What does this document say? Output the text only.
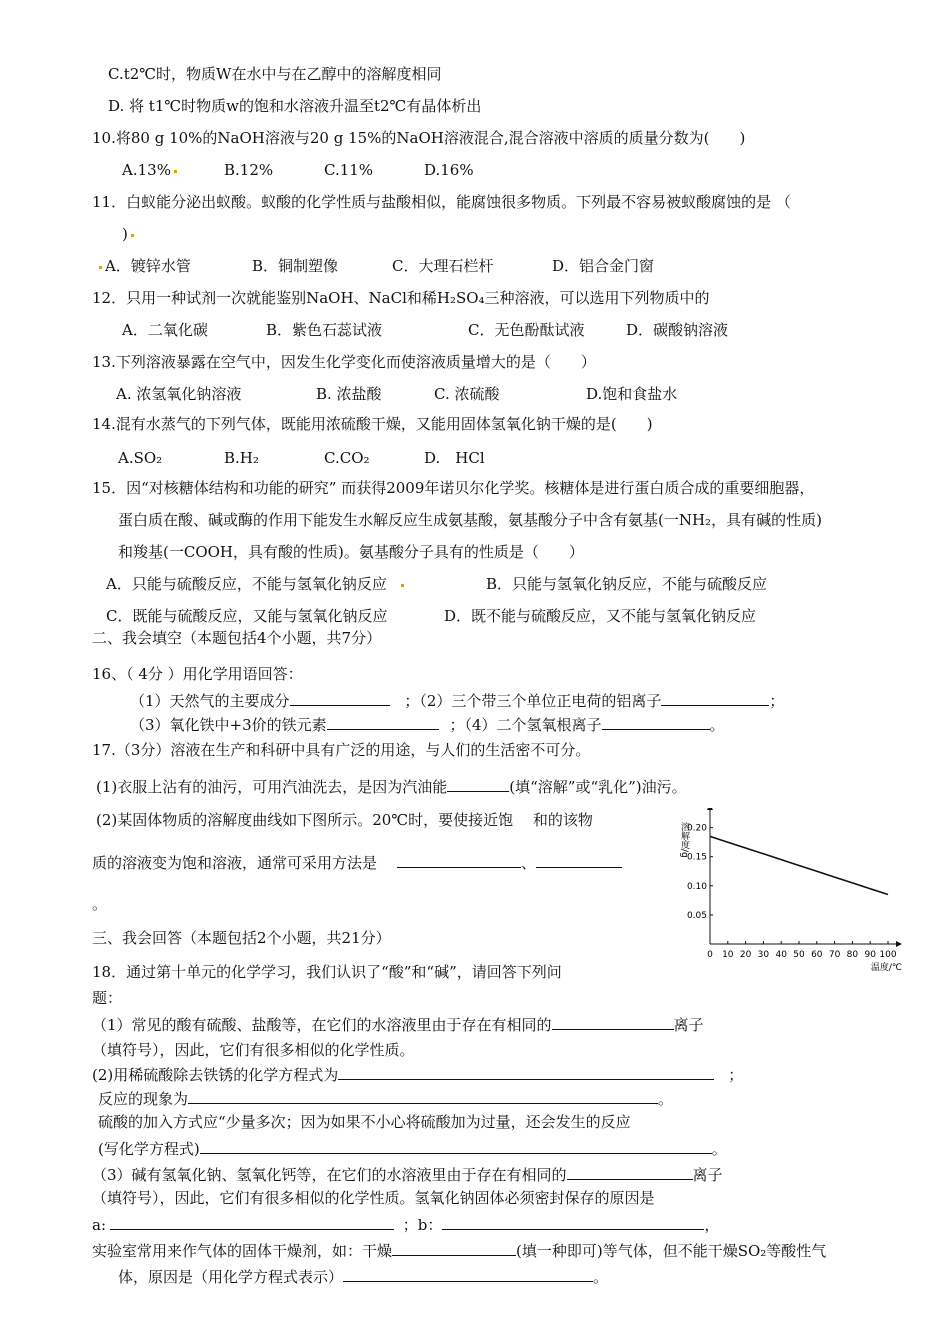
C.t2℃时，物质W在水中与在乙醇中的溶解度相同
D. 将 t1℃时物质w的饱和水溶液升温至t2℃有晶体析出
10.将80 g 10%的NaOH溶液与20 g 15%的NaOH溶液混合,混合溶液中溶质的质量分数为(　　)
A.13%	B.12%	C.11%	D.16%
11．白蚁能分泌出蚁酸。蚁酸的化学性质与盐酸相似，能腐蚀很多物质。下列最不容易被蚁酸腐蚀的是 （
)
A．镀锌水管	B．铜制塑像	C．大理石栏杆	D．铝合金门窗
12．只用一种试剂一次就能鉴别NaOH、NaCl和稀H₂SO₄三种溶液，可以选用下列物质中的
A．二氧化碳	B．紫色石蕊试液	C．无色酚酞试液	D．碳酸钠溶液
13.下列溶液暴露在空气中，因发生化学变化而使溶液质量增大的是（　　）
A. 浓氢氧化钠溶液	B. 浓盐酸	C. 浓硫酸	D.饱和食盐水
14.混有水蒸气的下列气体，既能用浓硫酸干燥，又能用固体氢氧化钠干燥的是(　　)
A.SO₂	B.H₂	C.CO₂	D.　HCl
15．因“对核糖体结构和功能的研究” 而获得2009年诺贝尔化学奖。核糖体是进行蛋白质合成的重要细胞器，
蛋白质在酸、碱或酶的作用下能发生水解反应生成氨基酸，氨基酸分子中含有氨基(一NH₂，具有碱的性质)
和羧基(一COOH，具有酸的性质)。氨基酸分子具有的性质是（　　）
A．只能与硫酸反应，不能与氢氧化钠反应	B．只能与氢氧化钠反应，不能与硫酸反应
C．既能与硫酸反应，又能与氢氧化钠反应	D．既不能与硫酸反应，又不能与氢氧化钠反应
二、我会填空（本题包括4个小题，共7分）
16、（ 4分 ）用化学用语回答：
（1）天然气的主要成分	；（2）三个带三个单位正电荷的铝离子	；
（3）氧化铁中+3价的铁元素	；（4）二个氢氧根离子	。
17.（3分）溶液在生产和科研中具有广泛的用途，与人们的生活密不可分。
(1)衣服上沾有的油污，可用汽油洗去，是因为汽油能	(填“溶解”或“乳化”)油污。
(2)某固体物质的溶解度曲线如下图所示。20℃时，要使接近饱　 和的该物
质的溶液变为饱和溶液，通常可采用方法是	、
。
溶解度/g
0.05
0.10
0.15
0.20
0 10 20 30 40 50 60 70 80 90 100
温度/℃
三、我会回答（本题包括2个小题，共21分）
18．通过第十单元的化学学习，我们认识了“酸”和“碱”，请回答下列问
题：
（1）常见的酸有硫酸、盐酸等，在它们的水溶液里由于存在有相同的	离子
（填符号），因此，它们有很多相似的化学性质。
(2)用稀硫酸除去铁锈的化学方程式为	；
反应的现象为	。
硫酸的加入方式应“少量多次；因为如果不小心将硫酸加为过量，还会发生的反应
(写化学方程式)	。
（3）碱有氢氧化钠、氢氧化钙等，在它们的水溶液里由于存在有相同的	离子
（填符号），因此，它们有很多相似的化学性质。氢氧化钠固体必须密封保存的原因是
a:	；b：	，
实验室常用来作气体的固体干燥剂，如：干燥	(填一种即可)等气体，但不能干燥SO₂等酸性气
体，原因是（用化学方程式表示）	。
